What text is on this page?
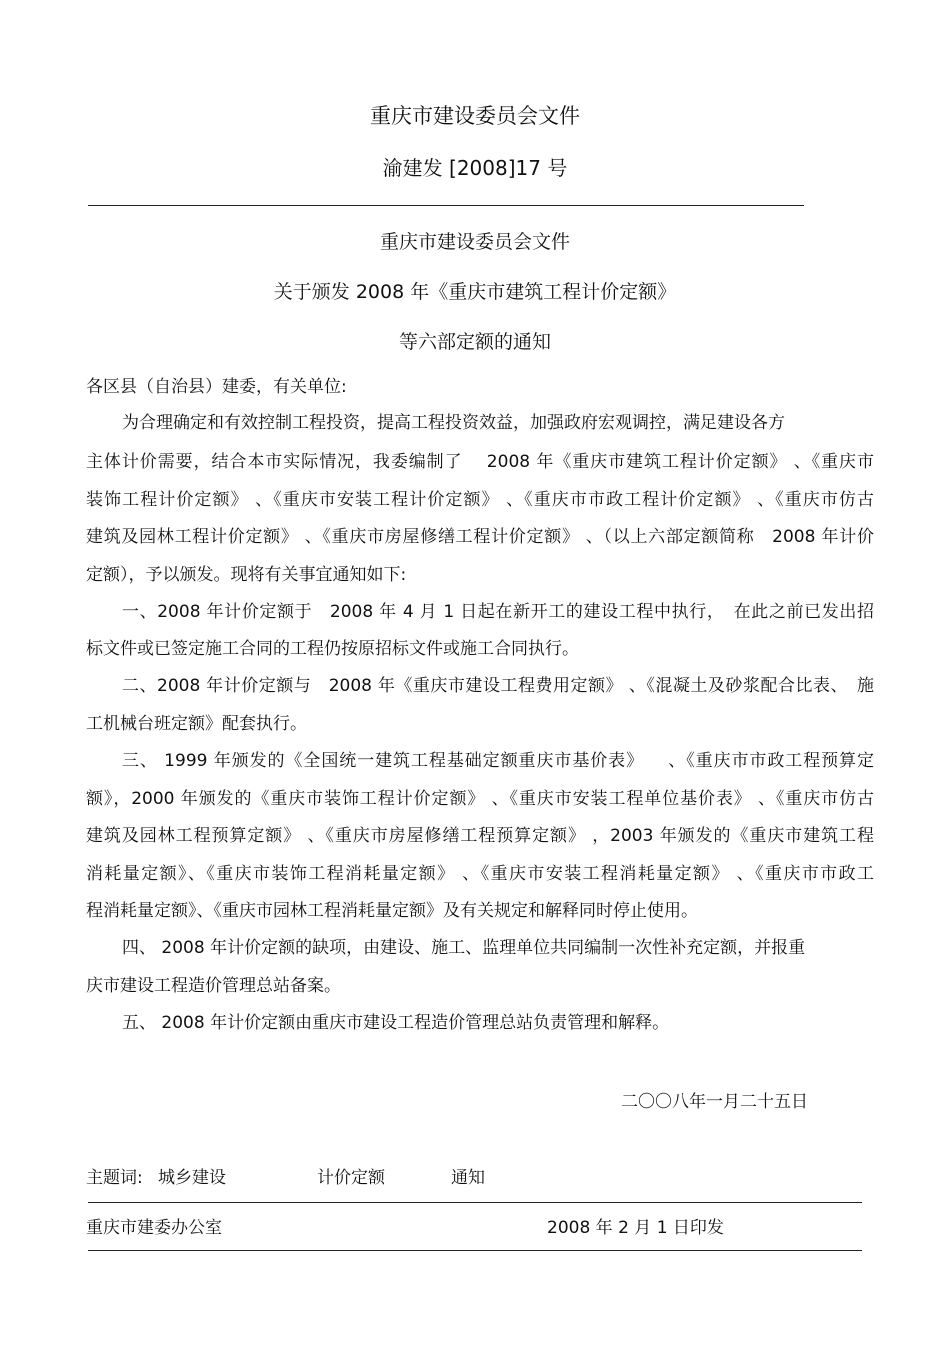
重庆市建设委员会文件
渝建发 [2008]17 号
重庆市建设委员会文件
关于颁发 2008 年《重庆市建筑工程计价定额》
等六部定额的通知
各区县（自治县）建委，有关单位:
为合理确定和有效控制工程投资，提高工程投资效益，加强政府宏观调控，满足建设各方
主体计价需要，结合本市实际情况，我委编制了　 2008 年《重庆市建筑工程计价定额》 、《重庆市
装饰工程计价定额》 、《重庆市安装工程计价定额》 、《重庆市市政工程计价定额》 、《重庆市仿古
建筑及园林工程计价定额》 、《重庆市房屋修缮工程计价定额》 、（以上六部定额简称　2008 年计价
定额），予以颁发。现将有关事宜通知如下:
一、2008 年计价定额于　2008 年 4 月 1 日起在新开工的建设工程中执行，　在此之前已发出招
标文件或已签定施工合同的工程仍按原招标文件或施工合同执行。
二、2008 年计价定额与　2008 年《重庆市建设工程费用定额》 、《混凝土及砂浆配合比表、　施
工机械台班定额》配套执行。
三、 1999 年颁发的《全国统一建筑工程基础定额重庆市基价表》 　、《重庆市市政工程预算定
额》，2000 年颁发的《重庆市装饰工程计价定额》 、《重庆市安装工程单位基价表》 、《重庆市仿古
建筑及园林工程预算定额》 、《重庆市房屋修缮工程预算定额》 ，2003 年颁发的《重庆市建筑工程
消耗量定额》、《重庆市装饰工程消耗量定额》 、《重庆市安装工程消耗量定额》 、《重庆市市政工
程消耗量定额》、《重庆市园林工程消耗量定额》及有关规定和解释同时停止使用。
四、 2008 年计价定额的缺项，由建设、施工、监理单位共同编制一次性补充定额，并报重
庆市建设工程造价管理总站备案。
五、 2008 年计价定额由重庆市建设工程造价管理总站负责管理和解释。
二〇〇八年一月二十五日
主题词: 城乡建设	计价定额	通知
重庆市建委办公室	2008 年 2 月 1 日印发
